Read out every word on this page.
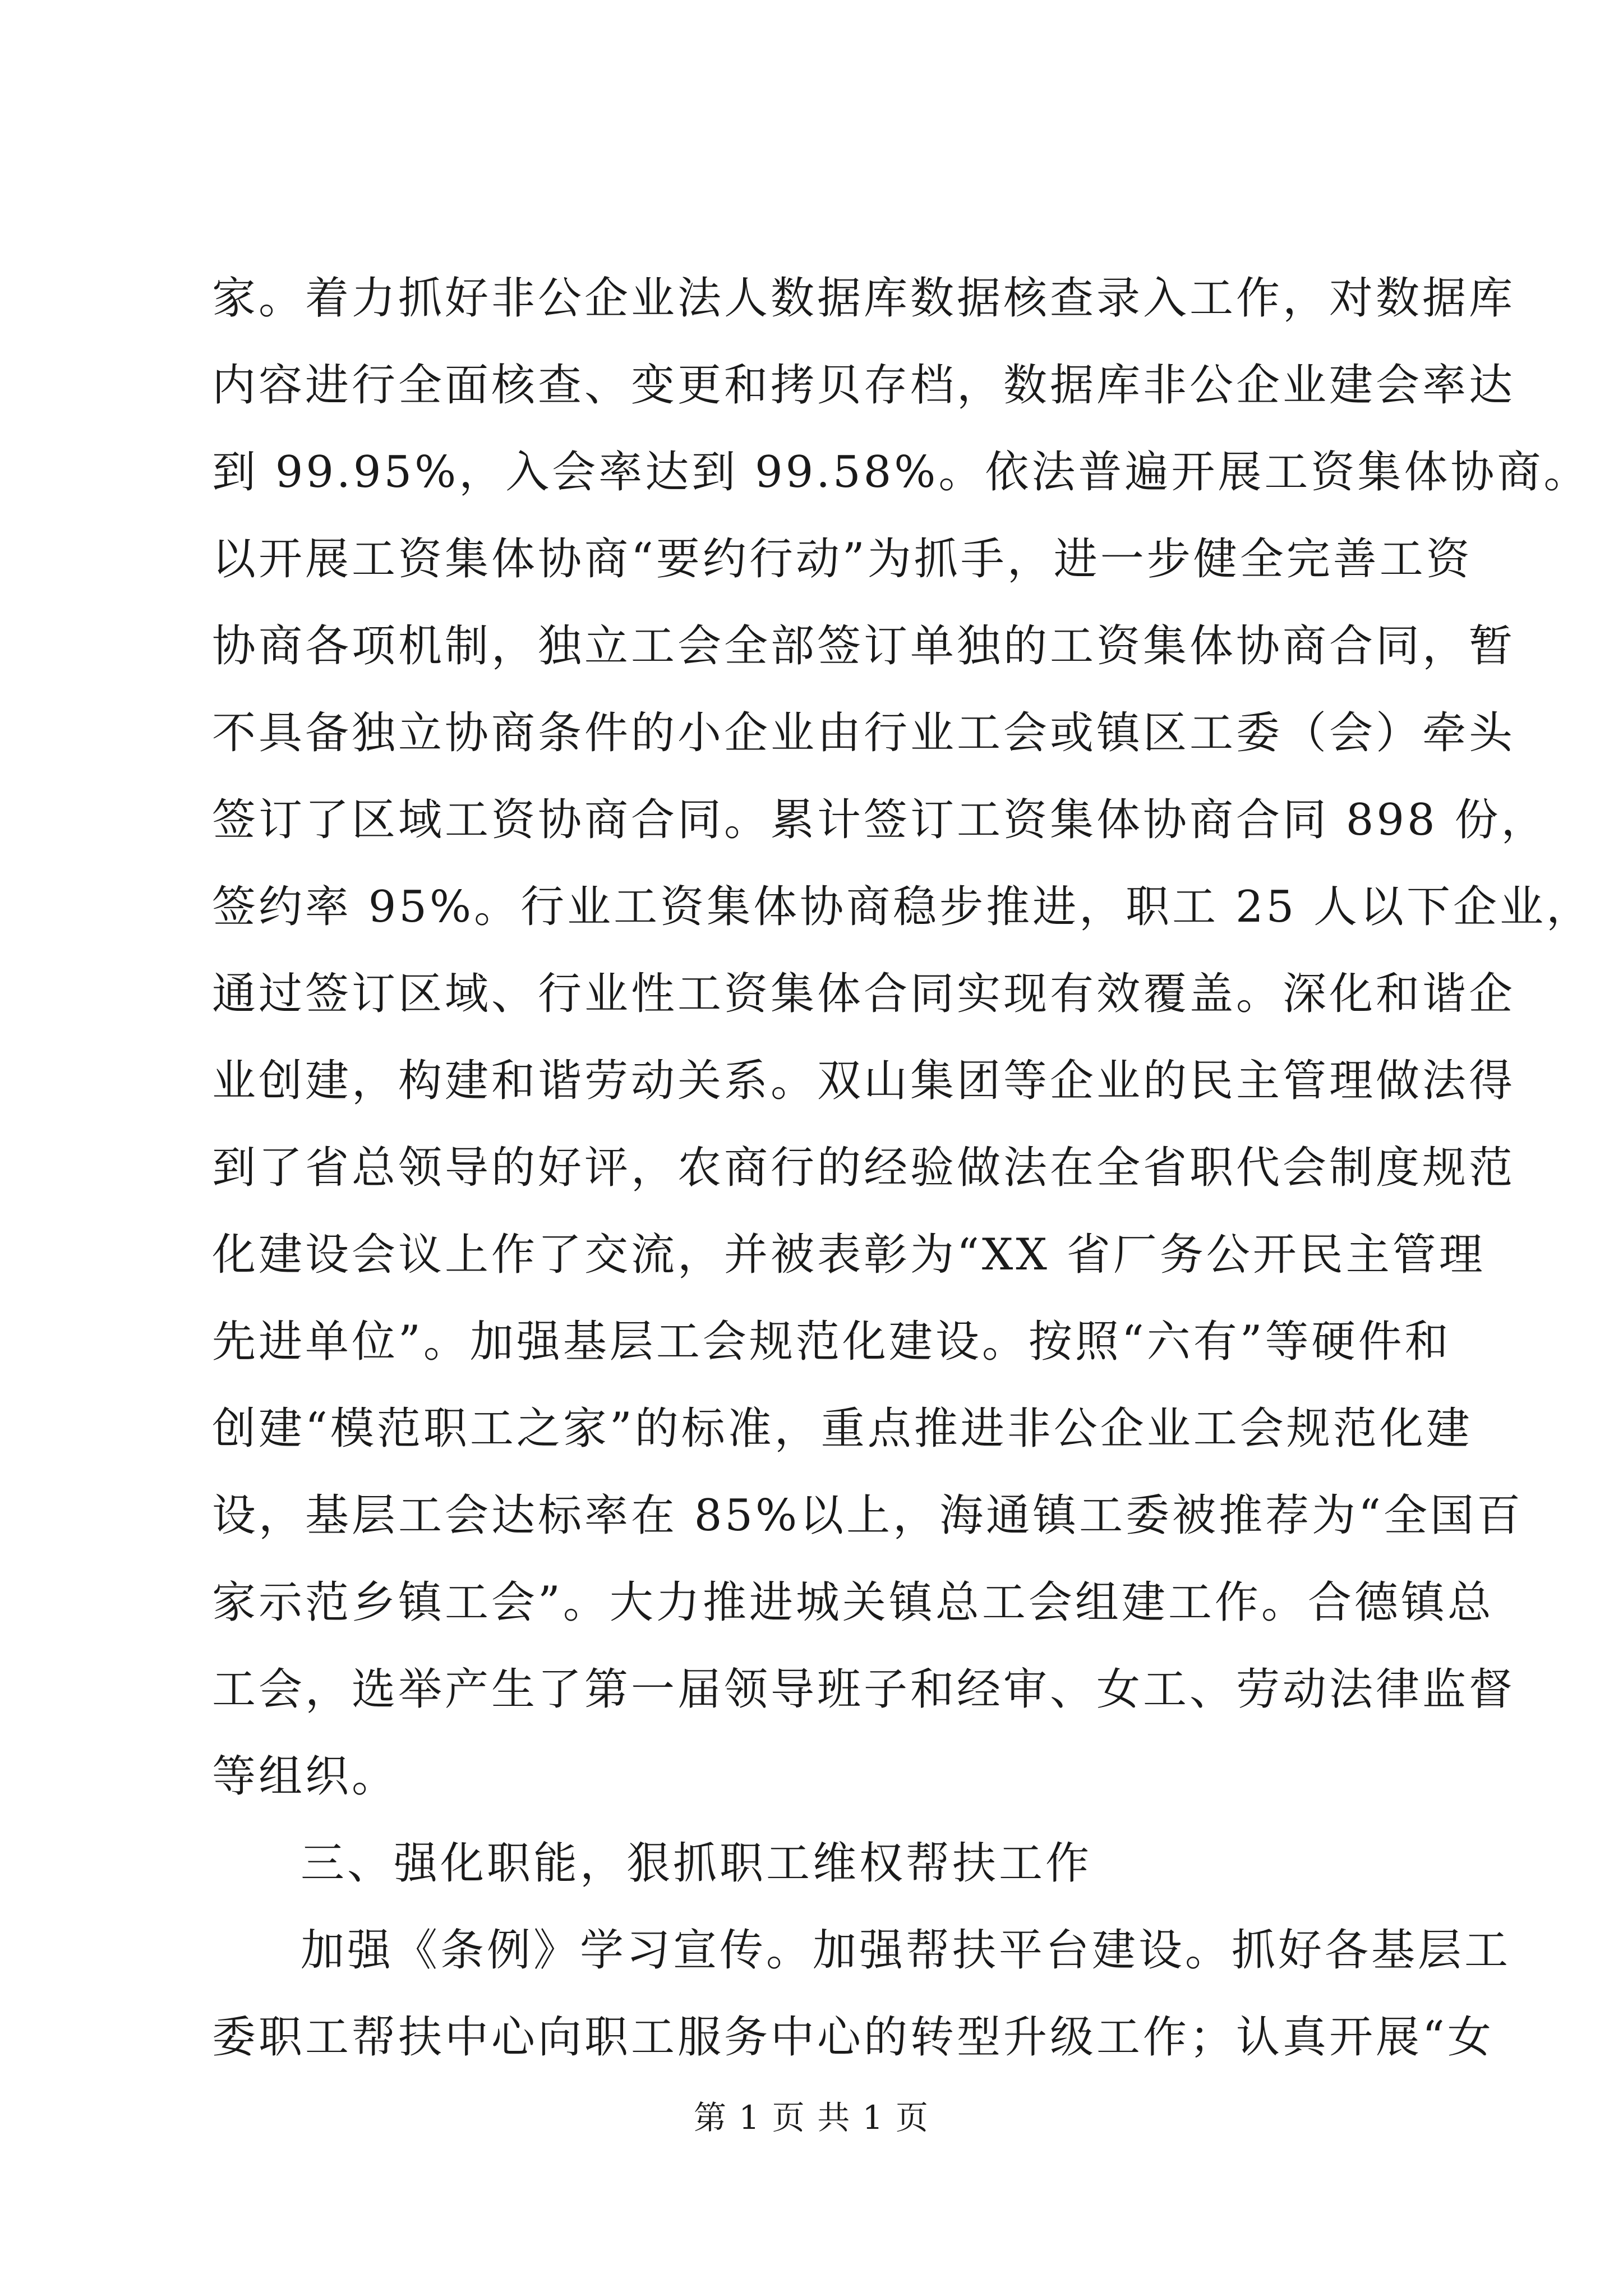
家。着力抓好非公企业法人数据库数据核查录入工作，对数据库
内容进行全面核查、变更和拷贝存档，数据库非公企业建会率达
到 99.95%，入会率达到 99.58%。依法普遍开展工资集体协商。
以开展工资集体协商“要约行动”为抓手，进一步健全完善工资
协商各项机制，独立工会全部签订单独的工资集体协商合同，暂
不具备独立协商条件的小企业由行业工会或镇区工委（会）牵头
签订了区域工资协商合同。累计签订工资集体协商合同 898 份，
签约率 95%。行业工资集体协商稳步推进，职工 25 人以下企业，
通过签订区域、行业性工资集体合同实现有效覆盖。深化和谐企
业创建，构建和谐劳动关系。双山集团等企业的民主管理做法得
到了省总领导的好评，农商行的经验做法在全省职代会制度规范
化建设会议上作了交流，并被表彰为“XX 省厂务公开民主管理
先进单位”。加强基层工会规范化建设。按照“六有”等硬件和
创建“模范职工之家”的标准，重点推进非公企业工会规范化建
设，基层工会达标率在 85%以上，海通镇工委被推荐为“全国百
家示范乡镇工会”。大力推进城关镇总工会组建工作。合德镇总
工会，选举产生了第一届领导班子和经审、女工、劳动法律监督
等组织。
三、强化职能，狠抓职工维权帮扶工作
加强《条例》学习宣传。加强帮扶平台建设。抓好各基层工
委职工帮扶中心向职工服务中心的转型升级工作；认真开展“女
第 1 页 共 1 页
